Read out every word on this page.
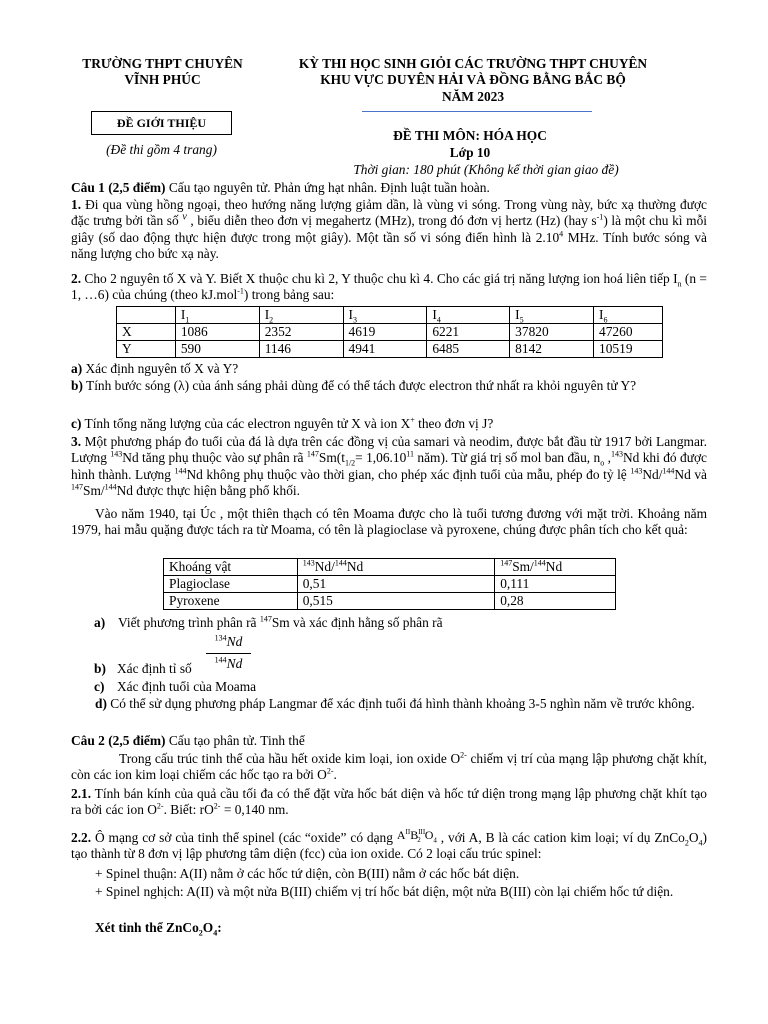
TRƯỜNG THPT CHUYÊN
VĨNH PHÚC
KỲ THI HỌC SINH GIỎI CÁC TRƯỜNG THPT CHUYÊN
KHU VỰC DUYÊN HẢI VÀ ĐỒNG BẰNG BẮC BỘ
NĂM 2023
ĐỀ GIỚI THIỆU
(Đề thi gồm 4 trang)
ĐỀ THI MÔN: HÓA HỌC
Lớp 10
Thời gian: 180 phút (Không kể thời gian giao đề)
Câu 1 (2,5 điểm) Cấu tạo nguyên tử. Phản ứng hạt nhân. Định luật tuần hoàn.
1. Đi qua vùng hồng ngoại, theo hướng năng lượng giảm dần, là vùng vi sóng. Trong vùng này, bức xạ thường được đặc trưng bởi tần số $^\nu$ , biểu diễn theo đơn vị megahertz (MHz), trong đó đơn vị hertz (Hz) (hay $s^{-1}$) là một chu kì mỗi giây (số dao động thực hiện được trong một giây). Một tần số vi sóng điển hình là 2.10$^4$ MHz. Tính bước sóng và năng lượng cho bức xạ này.
2. Cho 2 nguyên tố X và Y. Biết X thuộc chu kì 2, Y thuộc chu kì 4. Cho các giá trị năng lượng ion hoá liên tiếp $I_n$ (n = 1, …6) của chúng (theo kJ.mol$^{-1}$) trong bảng sau:
	$I_1$	$I_2$	$I_3$	$I_4$	$I_5$	$I_6$
X	1086	2352	4619	6221	37820	47260
Y	590	1146	4941	6485	8142	10519
a) Xác định nguyên tố X và Y?
b) Tính bước sóng (λ) của ánh sáng phải dùng để có thể tách được electron thứ nhất ra khỏi nguyên tử Y?
c) Tính tổng năng lượng của các electron nguyên tử X và ion X+ theo đơn vị J?
3. Một phương pháp đo tuổi của đá là dựa trên các đồng vị của samari và neodim, được bắt đầu từ 1917 bởi Langmar. Lượng $^{143}$Nd tăng phụ thuộc vào sự phân rã $^{147}Sm(t_{1/2}= 1,06.10^{11}$ năm). Từ giá trị số mol ban đầu, $n_o$ ,$^{143}$Nd khi đó được hình thành. Lượng $^{144}$Nd không phụ thuộc vào thời gian, cho phép xác định tuổi của mẫu, phép đo tỷ lệ $^{143}$Nd/$^{144}$Nd và $^{147}$Sm/$^{144}$Nd được thực hiện bằng phổ khối.
Vào năm 1940, tại Úc , một thiên thạch có tên Moama được cho là tuổi tương đương với mặt trời. Khoảng năm 1979, hai mẫu quặng được tách ra từ Moama, có tên là plagioclase và pyroxene, chúng được phân tích cho kết quả:
Khoáng vật	$^{143}$Nd/$^{144}$Nd	$^{147}$Sm/$^{144}$Nd
Plagioclase	0,51	0,111
Pyroxene	0,515	0,28
a) Viết phương trình phân rã $^{147}$Sm và xác định hằng số phân rã
$\frac{^{134}Nd}{^{144}Nd}$
b) Xác định tỉ số
c) Xác định tuổi của Moama
d) Có thể sử dụng phương pháp Langmar để xác định tuổi đá hình thành khoảng 3-5 nghìn năm về trước không.
Câu 2 (2,5 điểm) Cấu tạo phân tử. Tinh thể
Trong cấu trúc tinh thể của hầu hết oxide kim loại, ion oxide $O^{2-}$ chiếm vị trí của mạng lập phương chặt khít, còn các ion kim loại chiếm các hốc tạo ra bởi $O^{2-}$.
2.1. Tính bán kính của quả cầu tối đa có thể đặt vừa hốc bát diện và hốc tứ diện trong mạng lập phương chặt khít tạo ra bởi các ion $O^{2-}$. Biết: $rO^{2-} = 0,140$ nm.
2.2. Ô mạng cơ sở của tinh thể spinel (các “oxide” có dạng $A^{II}B^{III}_2$ $O_4$ , với A, B là các cation kim loại; ví dụ $ZnCo_2O_4$) tạo thành từ 8 đơn vị lập phương tâm diện (fcc) của ion oxide. Có 2 loại cấu trúc spinel:
+ Spinel thuận: A(II) nằm ở các hốc tứ diện, còn B(III) nằm ở các hốc bát diện.
+ Spinel nghịch: A(II) và một nửa B(III) chiếm vị trí hốc bát diện, một nửa B(III) còn lại chiếm hốc tứ diện.
Xét tinh thể $ZnCo_2O_4$:
